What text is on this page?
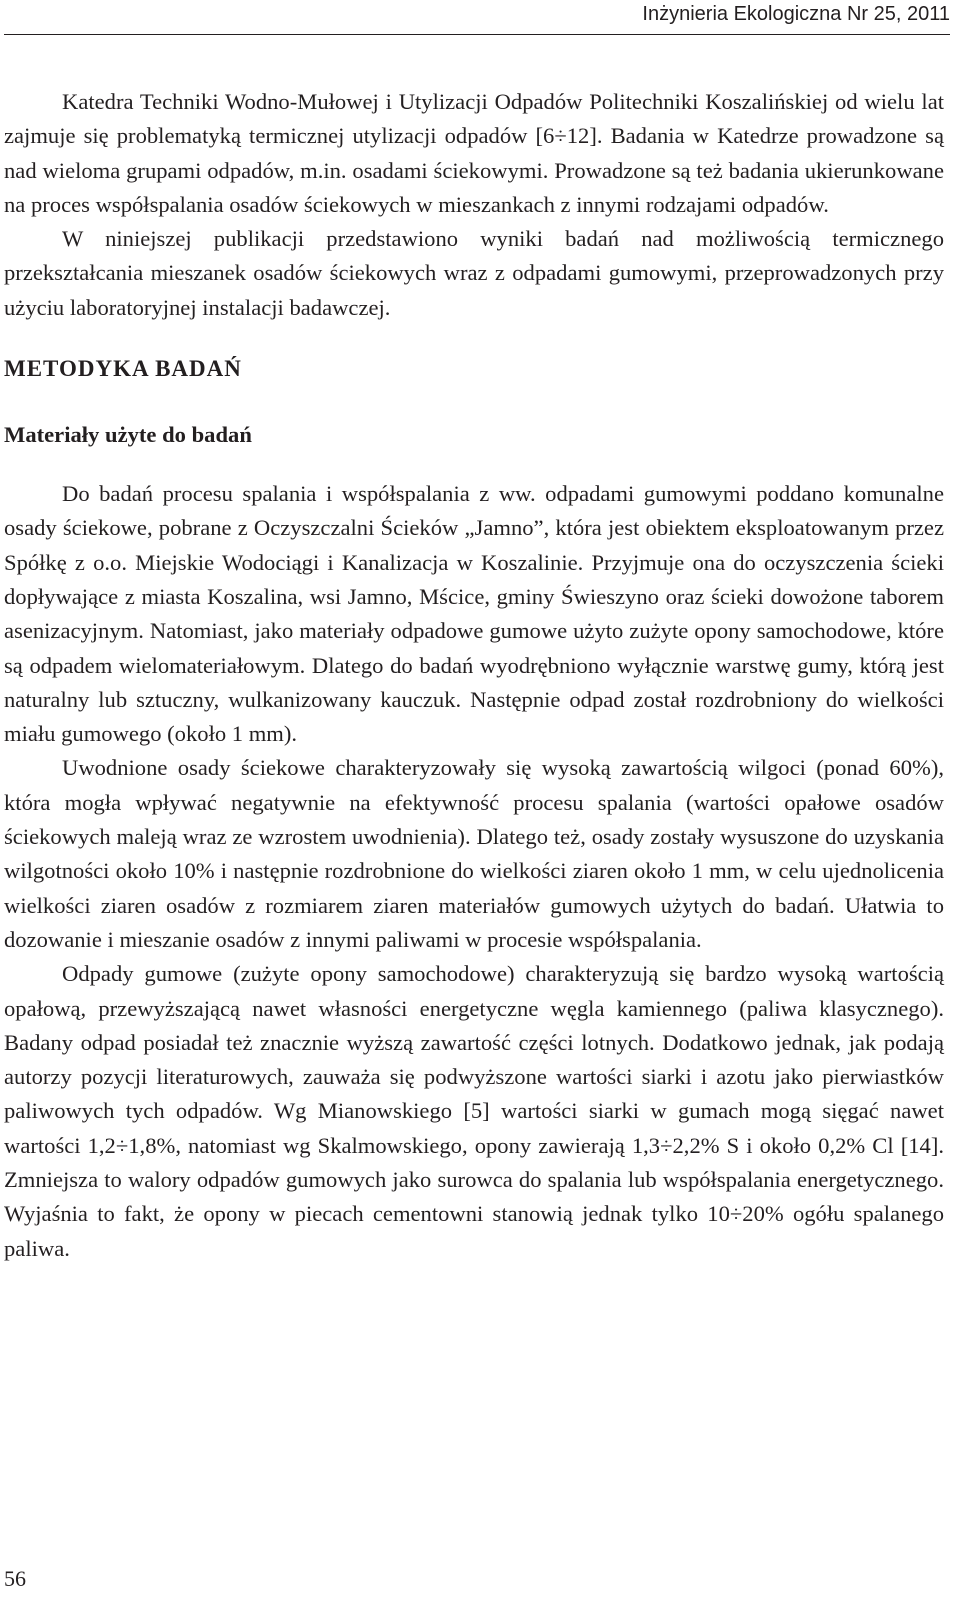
Inżynieria Ekologiczna Nr 25, 2011

Katedra Techniki Wodno-Mułowej i Utylizacji Odpadów Politechniki Koszalińskiej od wielu lat zajmuje się problematyką termicznej utylizacji odpadów [6÷12]. Badania w Katedrze prowadzone są nad wieloma grupami odpadów, m.in. osadami ściekowymi. Prowadzone są też badania ukierunkowane na proces współspalania osadów ściekowych w mieszankach z innymi rodzajami odpadów.

W niniejszej publikacji przedstawiono wyniki badań nad możliwością termicznego przekształcania mieszanek osadów ściekowych wraz z odpadami gumowymi, przeprowadzonych przy użyciu laboratoryjnej instalacji badawczej.

METODYKA BADAŃ
Materiały użyte do badań

Do badań procesu spalania i współspalania z ww. odpadami gumowymi poddano komunalne osady ściekowe, pobrane z Oczyszczalni Ścieków „Jamno”, która jest obiektem eksploatowanym przez Spółkę z o.o. Miejskie Wodociągi i Kanalizacja w Koszalinie. Przyjmuje ona do oczyszczenia ścieki dopływające z miasta Koszalina, wsi Jamno, Mścice, gminy Świeszyno oraz ścieki dowożone taborem asenizacyjnym. Natomiast, jako materiały odpadowe gumowe użyto zużyte opony samochodowe, które są odpadem wielomateriałowym. Dlatego do badań wyodrębniono wyłącznie warstwę gumy, którą jest naturalny lub sztuczny, wulkanizowany kauczuk. Następnie odpad został rozdrobniony do wielkości miału gumowego (około 1 mm).

Uwodnione osady ściekowe charakteryzowały się wysoką zawartością wilgoci (ponad 60%), która mogła wpływać negatywnie na efektywność procesu spalania (wartości opałowe osadów ściekowych maleją wraz ze wzrostem uwodnienia). Dlatego też, osady zostały wysuszone do uzyskania wilgotności około 10% i następnie rozdrobnione do wielkości ziaren około 1 mm, w celu ujednolicenia wielkości ziaren osadów z rozmiarem ziaren materiałów gumowych użytych do badań. Ułatwia to dozowanie i mieszanie osadów z innymi paliwami w procesie współspalania.

Odpady gumowe (zużyte opony samochodowe) charakteryzują się bardzo wysoką wartością opałową, przewyższającą nawet własności energetyczne węgla kamiennego (paliwa klasycznego). Badany odpad posiadał też znacznie wyższą zawartość części lotnych. Dodatkowo jednak, jak podają autorzy pozycji literaturowych, zauważa się podwyższone wartości siarki i azotu jako pierwiastków paliwowych tych odpadów. Wg Mianowskiego [5] wartości siarki w gumach mogą sięgać nawet wartości 1,2÷1,8%, natomiast wg Skalmowskiego, opony zawierają 1,3÷2,2% S i około 0,2% Cl [14]. Zmniejsza to walory odpadów gumowych jako surowca do spalania lub współspalania energetycznego. Wyjaśnia to fakt, że opony w piecach cementowni stanowią jednak tylko 10÷20% ogółu spalanego paliwa.

56
